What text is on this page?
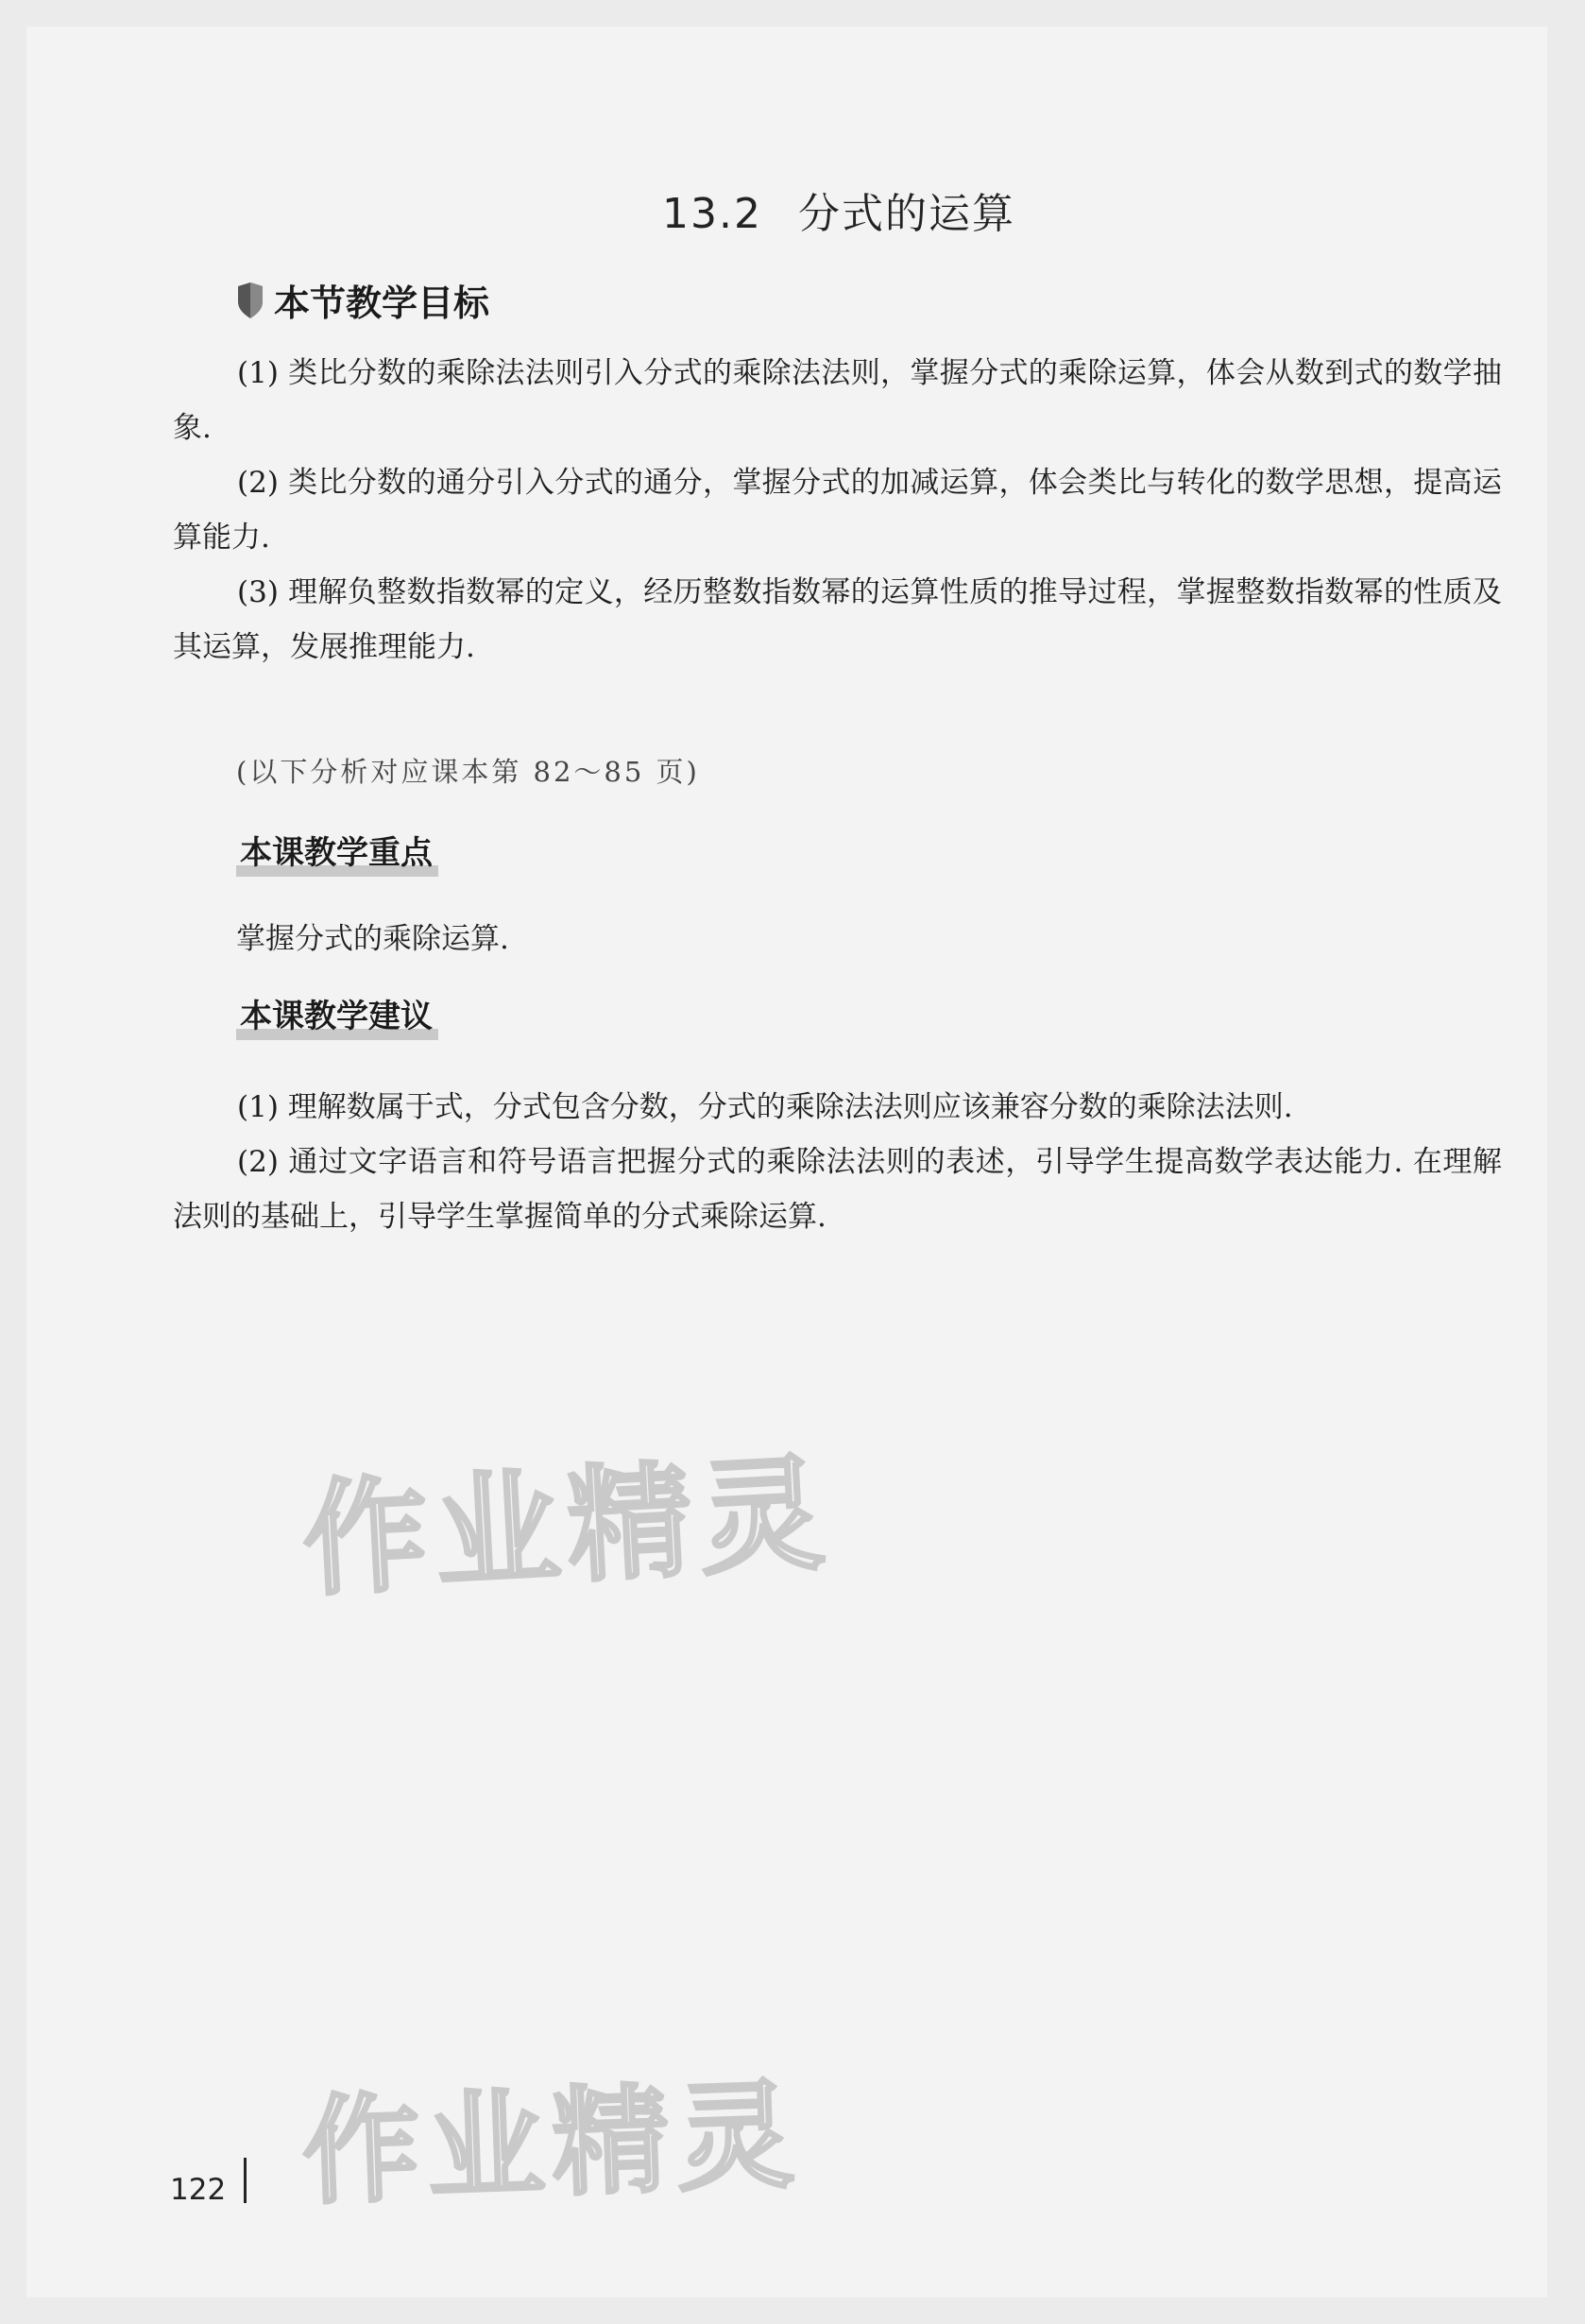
13.2 分式的运算
本节教学目标

(1) 类比分数的乘除法法则引入分式的乘除法法则，掌握分式的乘除运算，体会从数到式的数学抽象.

(2) 类比分数的通分引入分式的通分，掌握分式的加减运算，体会类比与转化的数学思想，提高运算能力.

(3) 理解负整数指数幂的定义，经历整数指数幂的运算性质的推导过程，掌握整数指数幂的性质及其运算，发展推理能力.

(以下分析对应课本第 82～85 页)
本课教学重点
掌握分式的乘除运算.
本课教学建议

(1) 理解数属于式，分式包含分数，分式的乘除法法则应该兼容分数的乘除法法则.

(2) 通过文字语言和符号语言把握分式的乘除法法则的表述，引导学生提高数学表达能力. 在理解法则的基础上，引导学生掌握简单的分式乘除运算.

作业精灵
作业精灵
122
